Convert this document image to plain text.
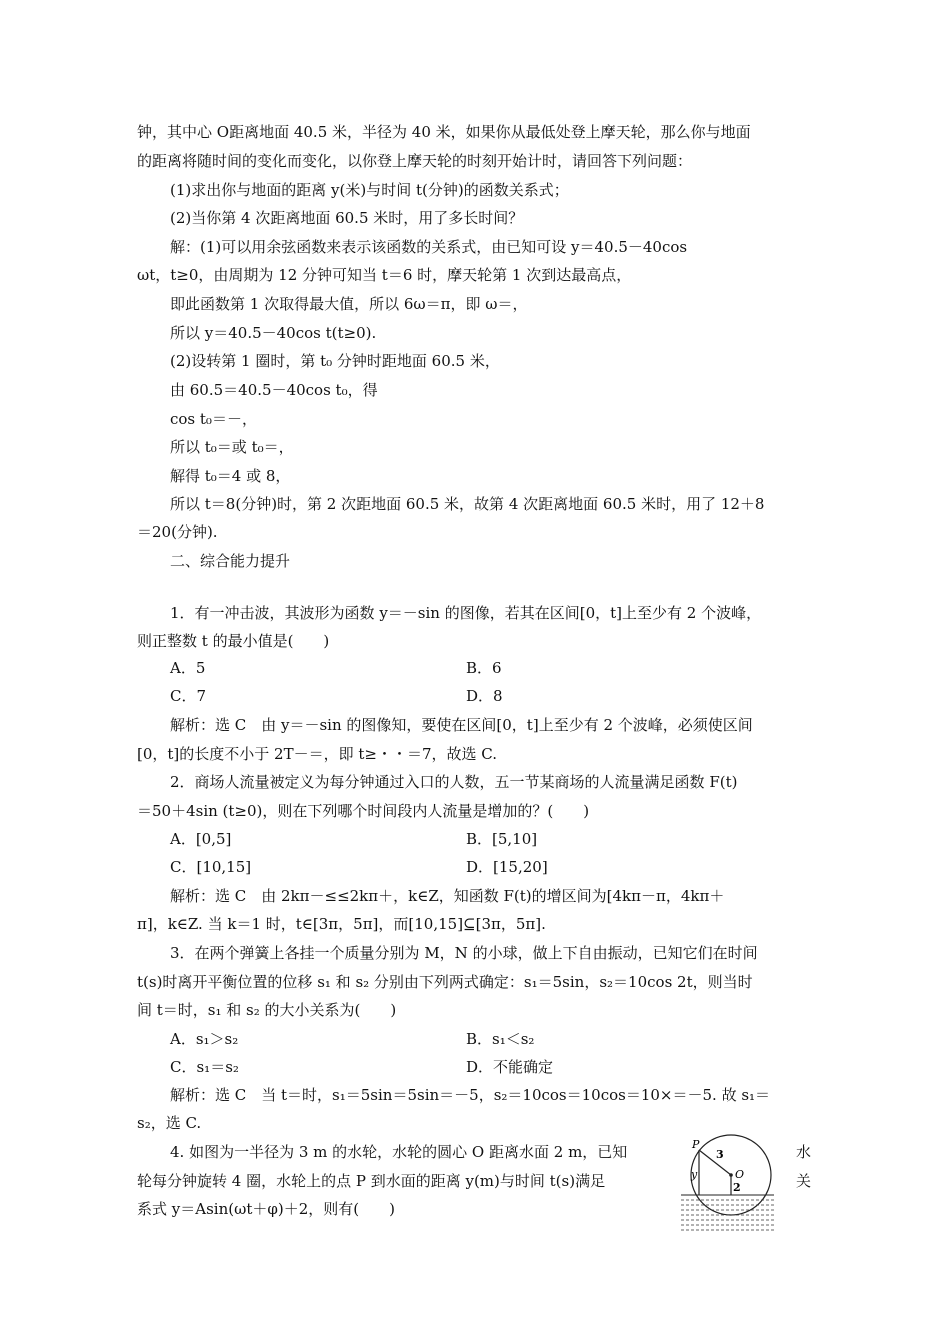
钟，其中心 O距离地面 40.5 米，半径为 40 米，如果你从最低处登上摩天轮，那么你与地面
的距离将随时间的变化而变化，以你登上摩天轮的时刻开始计时，请回答下列问题：
(1)求出你与地面的距离 y(米)与时间 t(分钟)的函数关系式；
(2)当你第 4 次距离地面 60.5 米时，用了多长时间？
解：(1)可以用余弦函数来表示该函数的关系式，由已知可设 y＝40.5－40cos
ωt，t≥0，由周期为 12 分钟可知当 t＝6 时，摩天轮第 1 次到达最高点，
即此函数第 1 次取得最大值，所以 6ω＝π，即 ω＝，
所以 y＝40.5－40cos t(t≥0).
(2)设转第 1 圈时，第 t₀ 分钟时距地面 60.5 米，
由 60.5＝40.5－40cos t₀，得
cos t₀＝－，
所以 t₀＝或 t₀＝，
解得 t₀＝4 或 8，
所以 t＝8(分钟)时，第 2 次距地面 60.5 米，故第 4 次距离地面 60.5 米时，用了 12＋8
＝20(分钟).
二、综合能力提升
1．有一冲击波，其波形为函数 y＝－sin 的图像，若其在区间[0，t]上至少有 2 个波峰，
则正整数 t 的最小值是(　　)
A．5	B．6
C．7	D．8
解析：选 C　由 y＝－sin 的图像知，要使在区间[0，t]上至少有 2 个波峰，必须使区间
[0，t]的长度不小于 2T－＝，即 t≥・・＝7，故选 C.
2．商场人流量被定义为每分钟通过入口的人数，五一节某商场的人流量满足函数 F(t)
＝50＋4sin (t≥0)，则在下列哪个时间段内人流量是增加的？(　　)
A．[0,5]	B．[5,10]
C．[10,15]	D．[15,20]
解析：选 C　由 2kπ－≤≤2kπ＋，k∈Z，知函数 F(t)的增区间为[4kπ－π，4kπ＋
π]，k∈Z. 当 k＝1 时，t∈[3π，5π]，而[10,15]⊆[3π，5π].
3．在两个弹簧上各挂一个质量分别为 M，N 的小球，做上下自由振动，已知它们在时间
t(s)时离开平衡位置的位移 s₁ 和 s₂ 分别由下列两式确定：s₁＝5sin，s₂＝10cos 2t，则当时
间 t＝时，s₁ 和 s₂ 的大小关系为(　　)
A．s₁＞s₂	B．s₁＜s₂
C．s₁＝s₂	D．不能确定
解析：选 C　当 t＝时，s₁＝5sin＝5sin＝－5，s₂＝10cos＝10cos＝10×＝－5. 故 s₁＝
s₂，选 C.
4. 如图为一半径为 3 m 的水轮，水轮的圆心 O 距离水面 2 m，已知
轮每分钟旋转 4 圈，水轮上的点 P 到水面的距离 y(m)与时间 t(s)满足
系式 y＝Asin(ωt＋φ)＋2，则有(　　)
水
关
P
O
y
3
2
